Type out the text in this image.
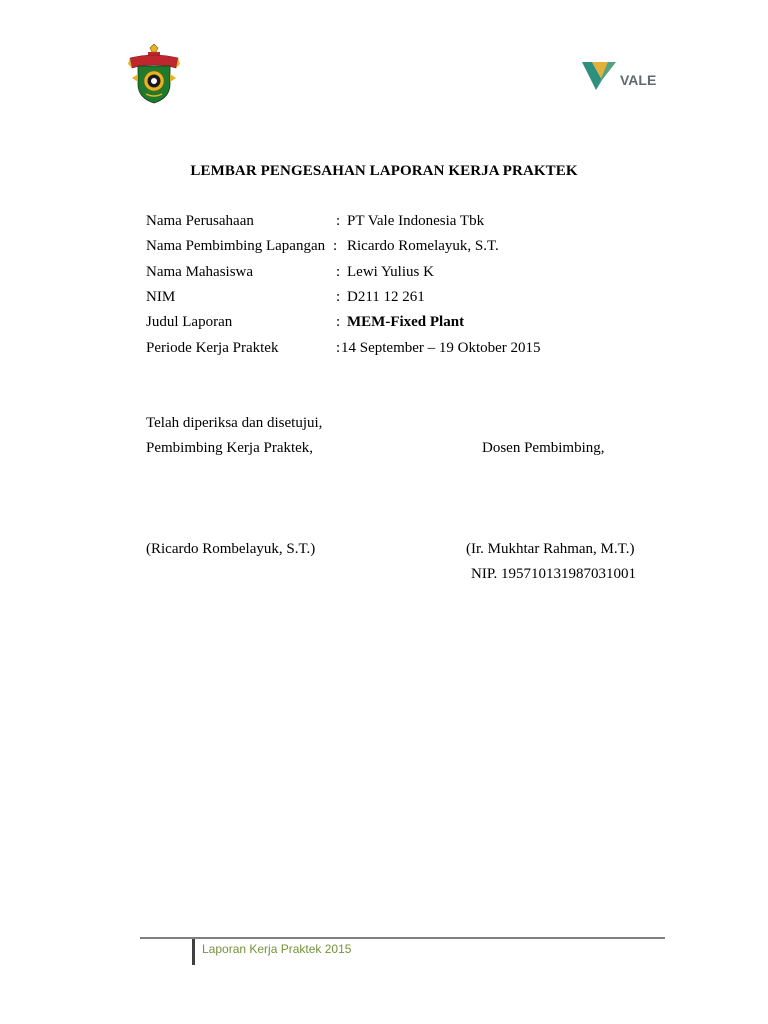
VALE
LEMBAR PENGESAHAN LAPORAN KERJA PRAKTEK
Nama Perusahaan	: PT Vale Indonesia Tbk
Nama Pembimbing Lapangan : Ricardo Romelayuk, S.T.
Nama Mahasiswa	: Lewi Yulius K
NIM	: D211 12 261
Judul Laporan	: MEM-Fixed Plant
Periode Kerja Praktek	: 14 September – 19 Oktober 2015
Telah diperiksa dan disetujui,
Pembimbing Kerja Praktek,	Dosen Pembimbing,
(Ricardo Rombelayuk, S.T.)	(Ir. Mukhtar Rahman, M.T.)
NIP. 195710131987031001
Laporan Kerja Praktek 2015
